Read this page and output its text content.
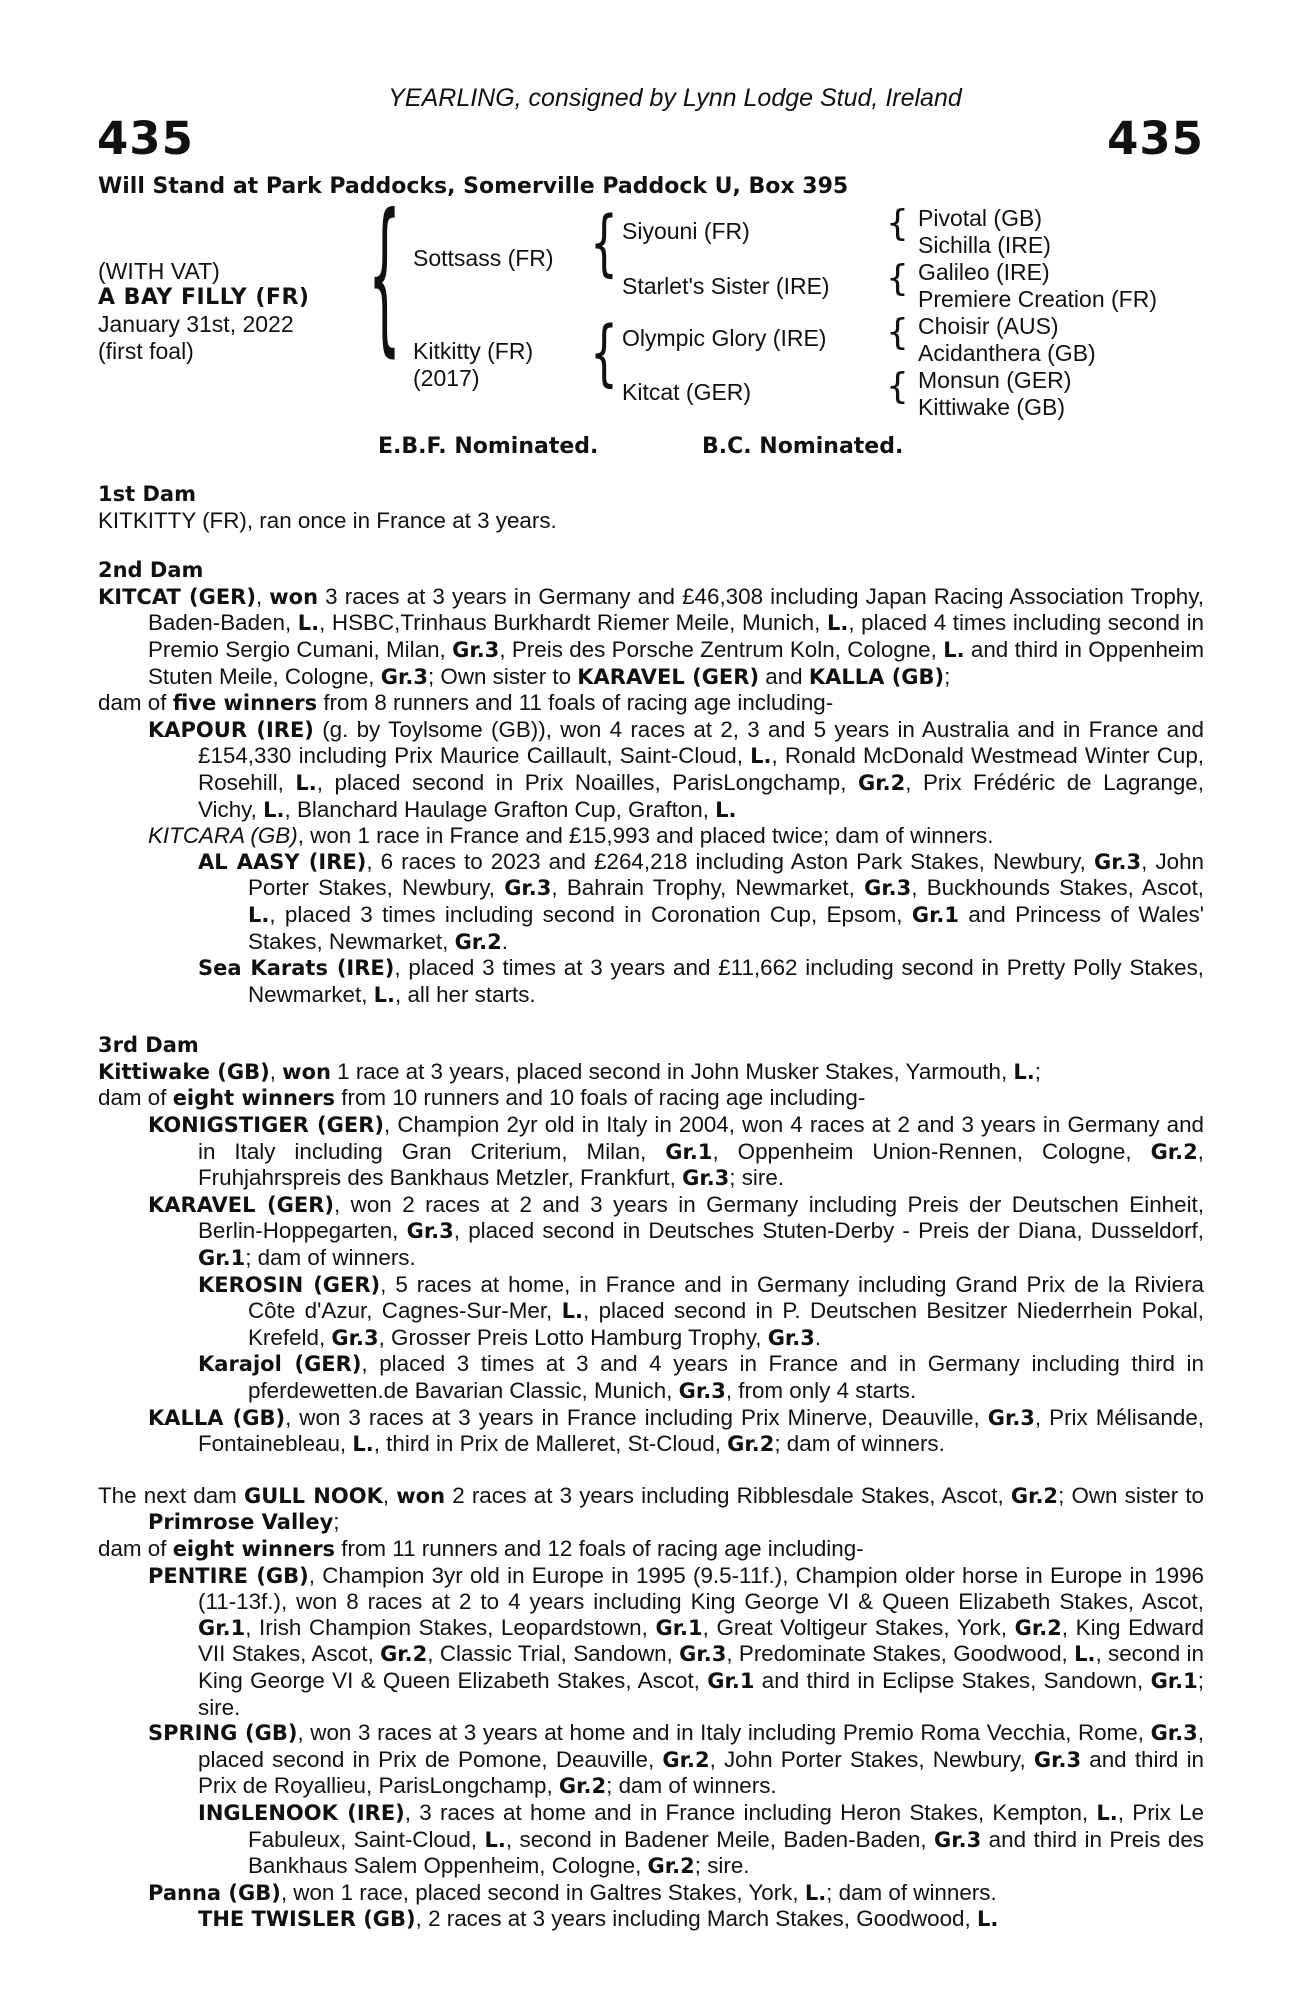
435
YEARLING, consigned by Lynn Lodge Stud, Ireland
435
Will Stand at Park Paddocks, Somerville Paddock U, Box 395
(WITH VAT)
A BAY FILLY (FR)
January 31st, 2022
(first foal)	{ Sottsass (FR)
Kitkitty (FR)
(2017)
{
{
Siyouni (FR)
Starlet's Sister (IRE)
Olympic Glory (IRE)
Kitcat (GER)
{
{
{
{
Pivotal (GB)
Sichilla (IRE)
Galileo (IRE)
Premiere Creation (FR)
Choisir (AUS)
Acidanthera (GB)
Monsun (GER)
Kittiwake (GB)
E.B.F. Nominated.	B.C. Nominated.
1st Dam
KITKITTY (FR), ran once in France at 3 years.
2nd Dam
KITCAT (GER), won 3 races at 3 years in Germany and £46,308 including Japan Racing Association Trophy, Baden-Baden, L., HSBC,Trinhaus Burkhardt Riemer Meile, Munich, L., placed 4 times including second in Premio Sergio Cumani, Milan, Gr.3, Preis des Porsche Zentrum Koln, Cologne, L. and third in Oppenheim Stuten Meile, Cologne, Gr.3; Own sister to KARAVEL (GER) and KALLA (GB);
dam of five winners from 8 runners and 11 foals of racing age including-
KAPOUR (IRE) (g. by Toylsome (GB)), won 4 races at 2, 3 and 5 years in Australia and in France and £154,330 including Prix Maurice Caillault, Saint-Cloud, L., Ronald McDonald Westmead Winter Cup, Rosehill, L., placed second in Prix Noailles, ParisLongchamp, Gr.2, Prix Frédéric de Lagrange, Vichy, L., Blanchard Haulage Grafton Cup, Grafton, L.
KITCARA (GB), won 1 race in France and £15,993 and placed twice; dam of winners.
AL AASY (IRE), 6 races to 2023 and £264,218 including Aston Park Stakes, Newbury, Gr.3, John Porter Stakes, Newbury, Gr.3, Bahrain Trophy, Newmarket, Gr.3, Buckhounds Stakes, Ascot, L., placed 3 times including second in Coronation Cup, Epsom, Gr.1 and Princess of Wales' Stakes, Newmarket, Gr.2.
Sea Karats (IRE), placed 3 times at 3 years and £11,662 including second in Pretty Polly Stakes, Newmarket, L., all her starts.
3rd Dam
Kittiwake (GB), won 1 race at 3 years, placed second in John Musker Stakes, Yarmouth, L.;
dam of eight winners from 10 runners and 10 foals of racing age including-
KONIGSTIGER (GER), Champion 2yr old in Italy in 2004, won 4 races at 2 and 3 years in Germany and in Italy including Gran Criterium, Milan, Gr.1, Oppenheim Union-Rennen, Cologne, Gr.2, Fruhjahrspreis des Bankhaus Metzler, Frankfurt, Gr.3; sire.
KARAVEL (GER), won 2 races at 2 and 3 years in Germany including Preis der Deutschen Einheit, Berlin-Hoppegarten, Gr.3, placed second in Deutsches Stuten-Derby - Preis der Diana, Dusseldorf, Gr.1; dam of winners.
KEROSIN (GER), 5 races at home, in France and in Germany including Grand Prix de la Riviera Côte d'Azur, Cagnes-Sur-Mer, L., placed second in P. Deutschen Besitzer Niederrhein Pokal, Krefeld, Gr.3, Grosser Preis Lotto Hamburg Trophy, Gr.3.
Karajol (GER), placed 3 times at 3 and 4 years in France and in Germany including third in pferdewetten.de Bavarian Classic, Munich, Gr.3, from only 4 starts.
KALLA (GB), won 3 races at 3 years in France including Prix Minerve, Deauville, Gr.3, Prix Mélisande, Fontainebleau, L., third in Prix de Malleret, St-Cloud, Gr.2; dam of winners.
The next dam GULL NOOK, won 2 races at 3 years including Ribblesdale Stakes, Ascot, Gr.2; Own sister to Primrose Valley;
dam of eight winners from 11 runners and 12 foals of racing age including-
PENTIRE (GB), Champion 3yr old in Europe in 1995 (9.5-11f.), Champion older horse in Europe in 1996 (11-13f.), won 8 races at 2 to 4 years including King George VI & Queen Elizabeth Stakes, Ascot, Gr.1, Irish Champion Stakes, Leopardstown, Gr.1, Great Voltigeur Stakes, York, Gr.2, King Edward VII Stakes, Ascot, Gr.2, Classic Trial, Sandown, Gr.3, Predominate Stakes, Goodwood, L., second in King George VI & Queen Elizabeth Stakes, Ascot, Gr.1 and third in Eclipse Stakes, Sandown, Gr.1; sire.
SPRING (GB), won 3 races at 3 years at home and in Italy including Premio Roma Vecchia, Rome, Gr.3, placed second in Prix de Pomone, Deauville, Gr.2, John Porter Stakes, Newbury, Gr.3 and third in Prix de Royallieu, ParisLongchamp, Gr.2; dam of winners.
INGLENOOK (IRE), 3 races at home and in France including Heron Stakes, Kempton, L., Prix Le Fabuleux, Saint-Cloud, L., second in Badener Meile, Baden-Baden, Gr.3 and third in Preis des Bankhaus Salem Oppenheim, Cologne, Gr.2; sire.
Panna (GB), won 1 race, placed second in Galtres Stakes, York, L.; dam of winners.
THE TWISLER (GB), 2 races at 3 years including March Stakes, Goodwood, L.
